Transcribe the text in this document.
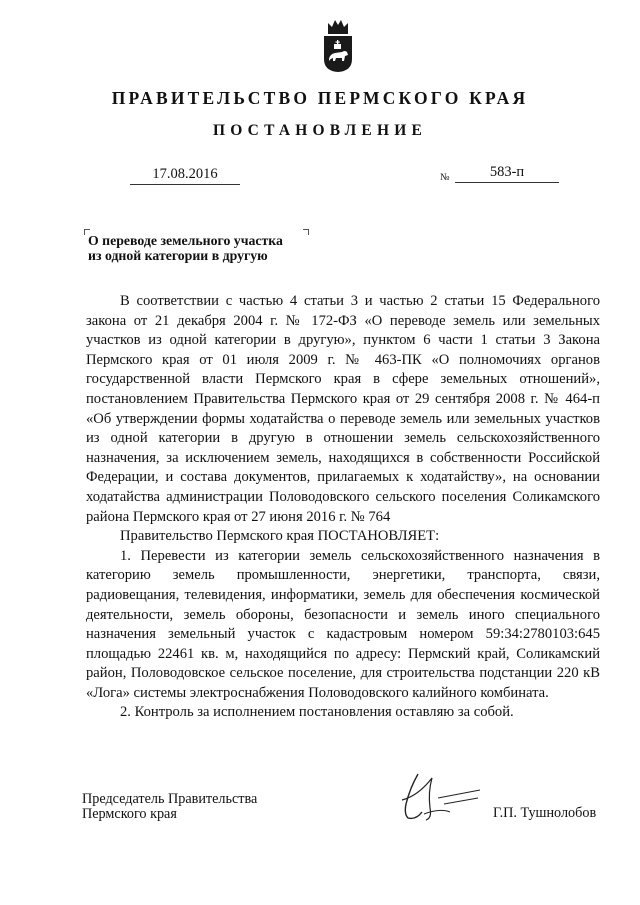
ПРАВИТЕЛЬСТВО ПЕРМСКОГО КРАЯ
ПОСТАНОВЛЕНИЕ
17.08.2016	№	583-п
О переводе земельного участка
из одной категории в другую

В соответствии с частью 4 статьи 3 и частью 2 статьи 15 Федерального закона от 21 декабря 2004 г. № 172-ФЗ «О переводе земель или земельных участков из одной категории в другую», пунктом 6 части 1 статьи 3 Закона Пермского края от 01 июля 2009 г. № 463-ПК «О полномочиях органов государственной власти Пермского края в сфере земельных отношений», постановлением Правительства Пермского края от 29 сентября 2008 г. № 464-п «Об утверждении формы ходатайства о переводе земель или земельных участков из одной категории в другую в отношении земель сельскохозяйственного назначения, за исключением земель, находящихся в собственности Российской Федерации, и состава документов, прилагаемых к ходатайству», на основании ходатайства администрации Половодовского сельского поселения Соликамского района Пермского края от 27 июня 2016 г. № 764

Правительство Пермского края ПОСТАНОВЛЯЕТ:

1. Перевести из категории земель сельскохозяйственного назначения в категорию земель промышленности, энергетики, транспорта, связи, радиовещания, телевидения, информатики, земель для обеспечения космической деятельности, земель обороны, безопасности и земель иного специального назначения земельный участок с кадастровым номером 59:34:2780103:645 площадью 22461 кв. м, находящийся по адресу: Пермский край, Соликамский район, Половодовское сельское поселение, для строительства подстанции 220 кВ «Лога» системы электроснабжения Половодовского калийного комбината.

2. Контроль за исполнением постановления оставляю за собой.

Председатель Правительства
Пермского края	Г.П. Тушнолобов
